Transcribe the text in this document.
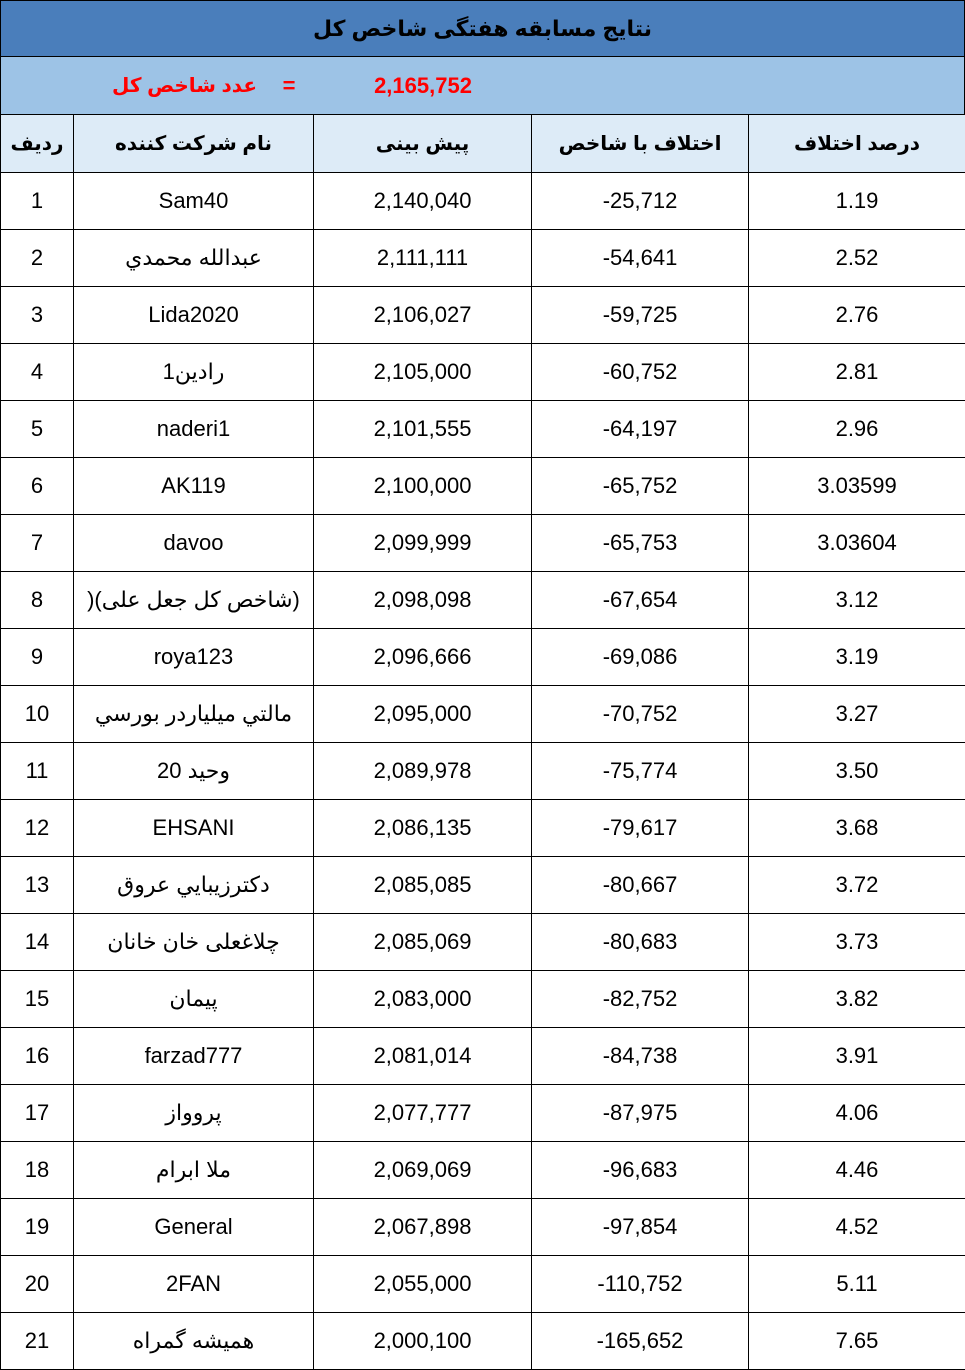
نتایج مسابقه هفتگی شاخص کل
عدد شاخص کل	=	2,165,752
ردیف	نام شرکت کننده	پیش بینی	اختلاف با شاخص	درصد اختلاف
1	Sam40	2,140,040	-25,712	1.19
2	عبدالله محمدي	2,111,111	-54,641	2.52
3	Lida2020	2,106,027	-59,725	2.76
4	رادین1	2,105,000	-60,752	2.81
5	naderi1	2,101,555	-64,197	2.96
6	AK119	2,100,000	-65,752	3.03599
7	davoo	2,099,999	-65,753	3.03604
8	(شاخص کل جعل علی)(	2,098,098	-67,654	3.12
9	roya123	2,096,666	-69,086	3.19
10	مالتي ميلياردر بورسي	2,095,000	-70,752	3.27
11	وحید 20	2,089,978	-75,774	3.50
12	EHSANI	2,086,135	-79,617	3.68
13	دکترزيبايي عروق	2,085,085	-80,667	3.72
14	چلاغعلی خان خانان	2,085,069	-80,683	3.73
15	پیمان	2,083,000	-82,752	3.82
16	farzad777	2,081,014	-84,738	3.91
17	پروواز	2,077,777	-87,975	4.06
18	ملا ابرام	2,069,069	-96,683	4.46
19	General	2,067,898	-97,854	4.52
20	2FAN	2,055,000	-110,752	5.11
21	همیشه گمراه	2,000,100	-165,652	7.65
